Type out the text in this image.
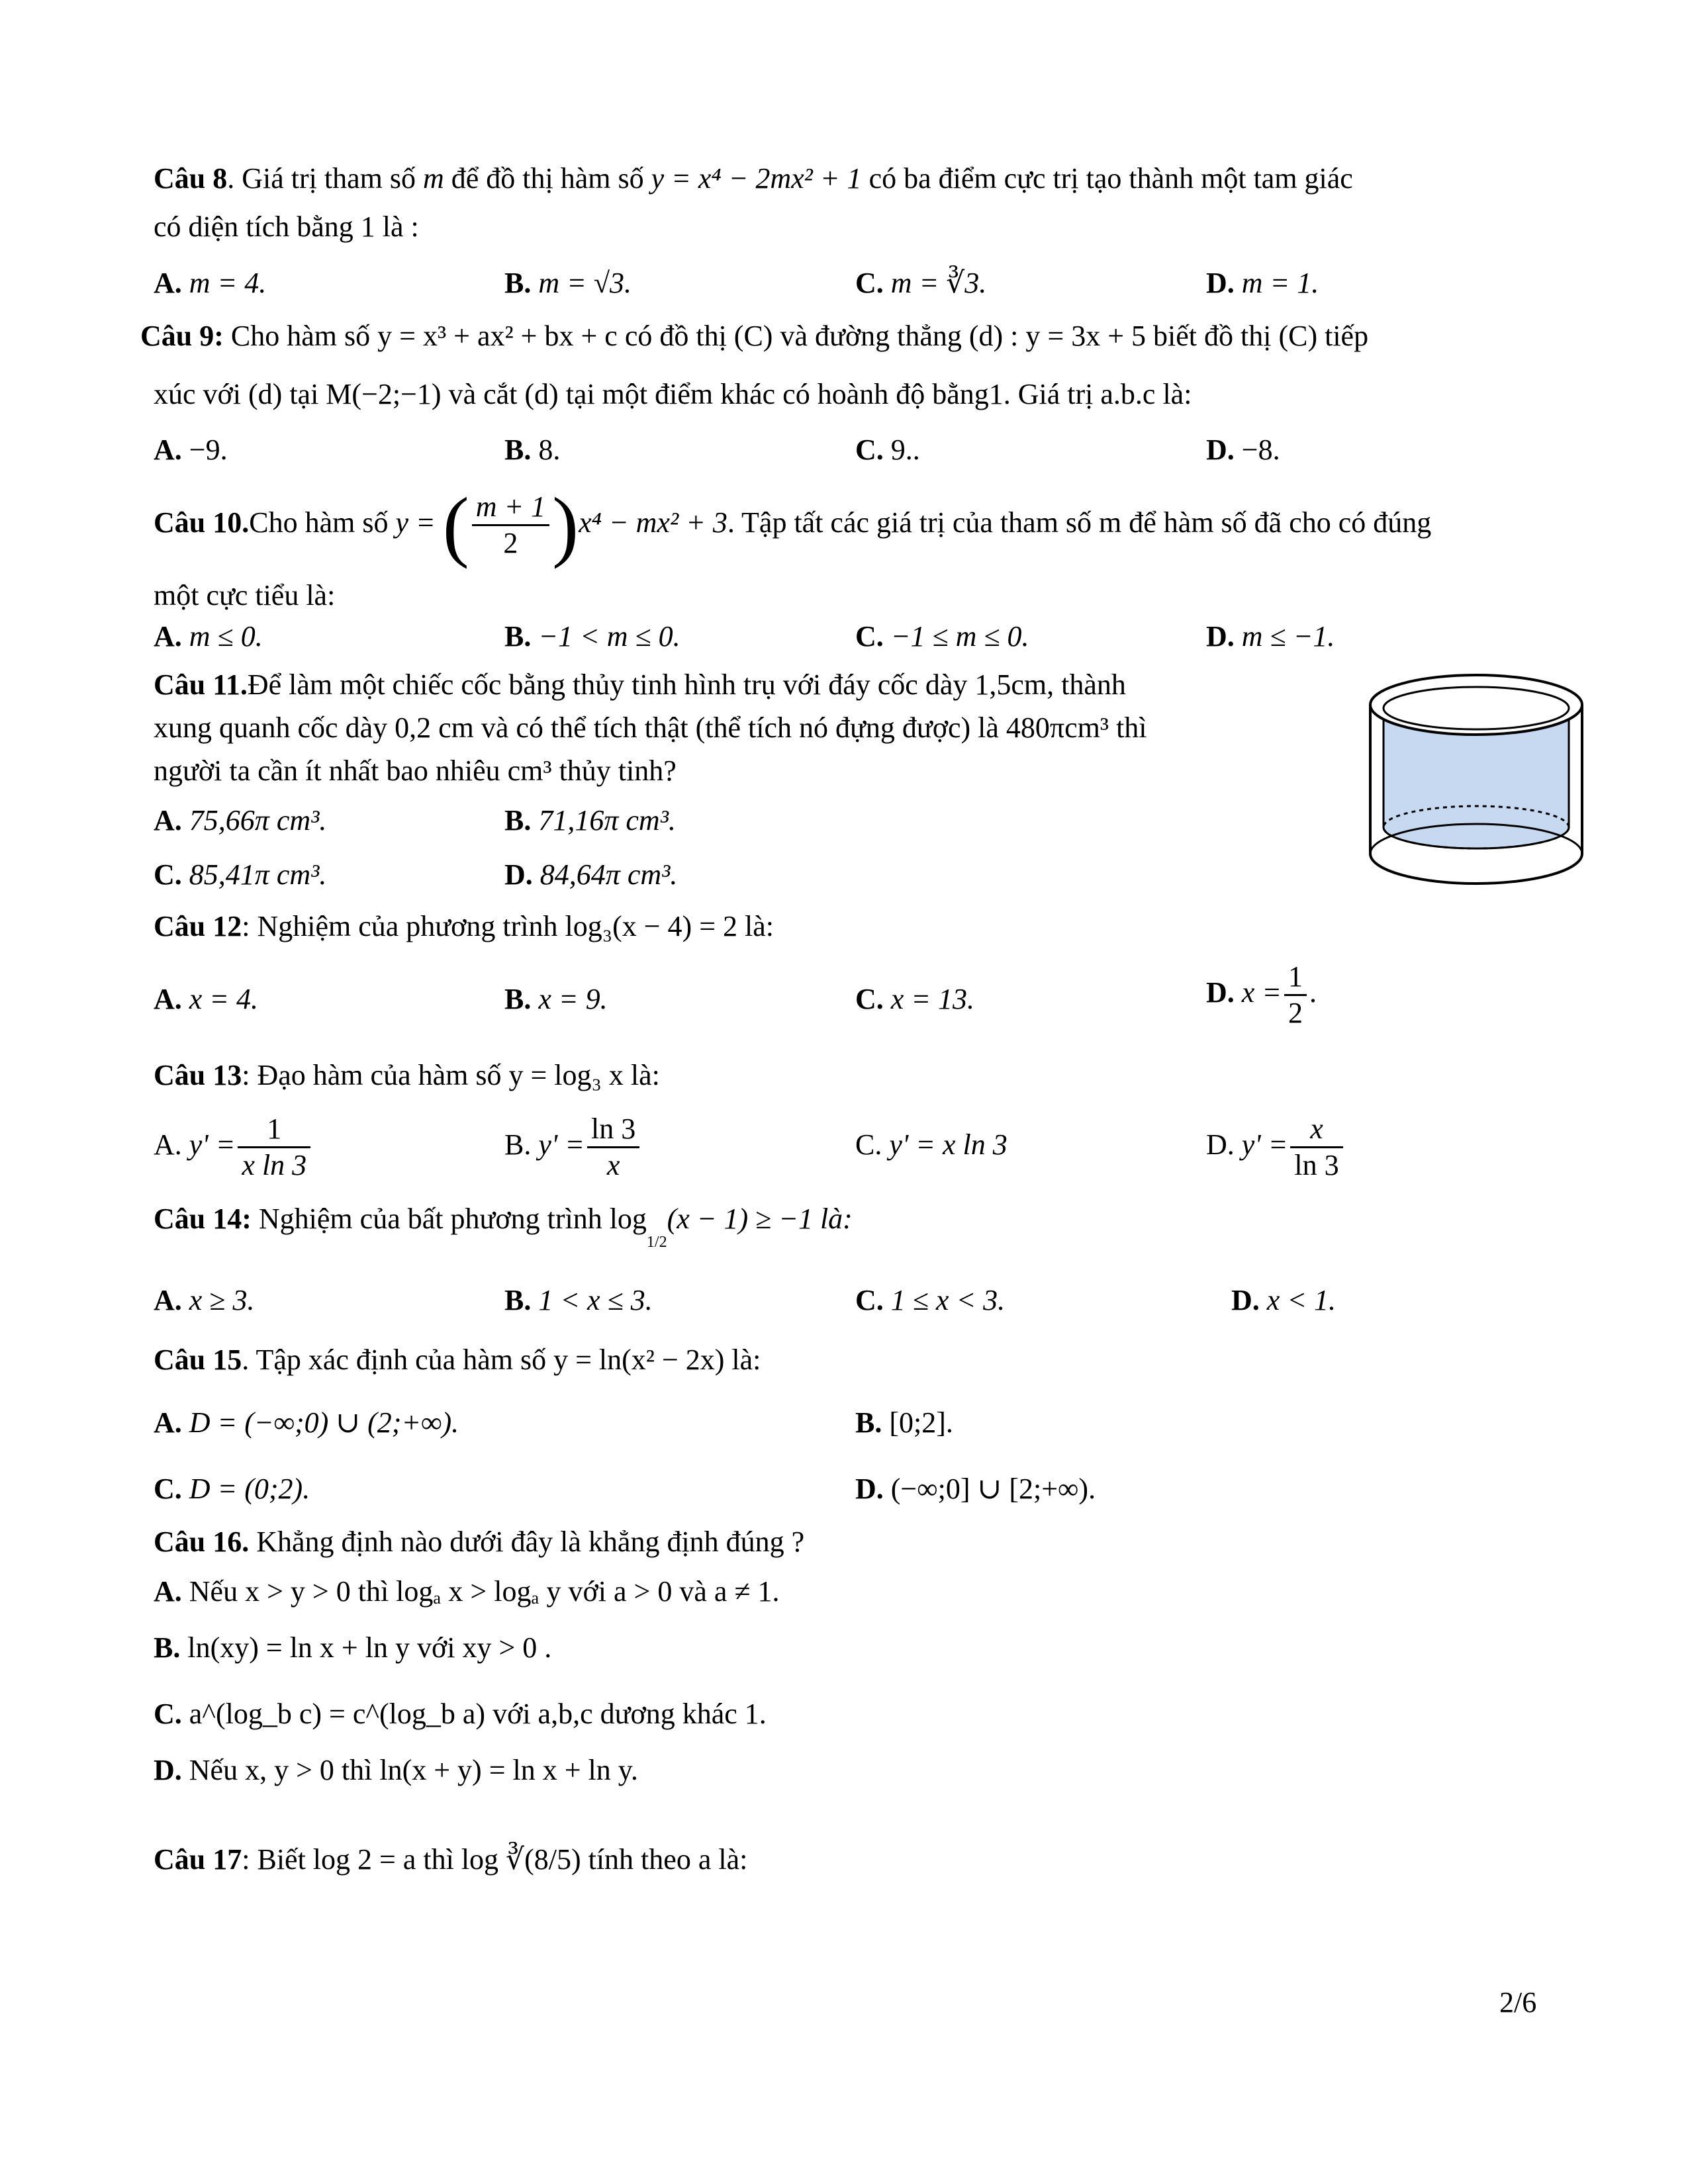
Câu 8. Giá trị tham số m để đồ thị hàm số y = x⁴ − 2mx² + 1 có ba điểm cực trị tạo thành một tam giác
có diện tích bằng 1 là :
A. m = 4.	B. m = √3.	C. m = ∛3.	D. m = 1.
Câu 9: Cho hàm số y = x³ + ax² + bx + c có đồ thị (C) và đường thẳng (d) : y = 3x + 5 biết đồ thị (C) tiếp
xúc với (d) tại M(−2;−1) và cắt (d) tại một điểm khác có hoành độ bằng1. Giá trị a.b.c là:
A. −9.	B. 8.	C. 9..	D. −8.
Câu 10.Cho hàm số y = ( $\frac{m + 1}{2} )x^4 - mx^2 + 3$. Tập tất các giá trị của tham số m để hàm số đã cho có đúng
một cực tiểu là:
A. m ≤ 0.	B. −1 < m ≤ 0.	C. −1 ≤ m ≤ 0.	D. m ≤ −1.
Câu 11.Để làm một chiếc cốc bằng thủy tinh hình trụ với đáy cốc dày 1,5cm, thành
xung quanh cốc dày 0,2 cm và có thể tích thật (thể tích nó đựng được) là 480πcm³ thì
người ta cần ít nhất bao nhiêu cm³ thủy tinh?
A. 75,66π cm³.	B. 71,16π cm³.
C. 85,41π cm³.	D. 84,64π cm³.
Câu 12: Nghiệm của phương trình log₃(x − 4) = 2 là:
A. x = 4.	B. x = 9.	C. x = 13.	D. $x = \frac{1}{2}$ .
Câu 13: Đạo hàm của hàm số y = log₃ x là:
A. $y' = \frac{1}{\text{x ln 3}}$	B. $y' = \frac{\ln 3}{x}$	C. y' = x ln 3	D. $y' = \frac{x}{\ln 3}$
Câu 14: Nghiệm của bất phương trình $\log_{1/2}(x - 1) \ge -1$ là:
A. x ≥ 3.	B. 1 < x ≤ 3.	C. 1 ≤ x < 3.	D. x < 1.
Câu 15. Tập xác định của hàm số y = ln(x² − 2x) là:
A. D = (−∞;0) ∪ (2;+∞).	B. [0;2].
C. D = (0;2).	D. (−∞;0] ∪ [2;+∞).
Câu 16. Khẳng định nào dưới đây là khẳng định đúng ?
A. Nếu x > y > 0 thì logₐ x > logₐ y với a > 0 và a ≠ 1.
B. ln(xy) = ln x + ln y với xy > 0 .
C. a^(log_b c) = c^(log_b a) với a,b,c dương khác 1.
D. Nếu x, y > 0 thì ln(x + y) = ln x + ln y.
Câu 17: Biết log 2 = a thì log ∛(8/5) tính theo a là:
2/6
